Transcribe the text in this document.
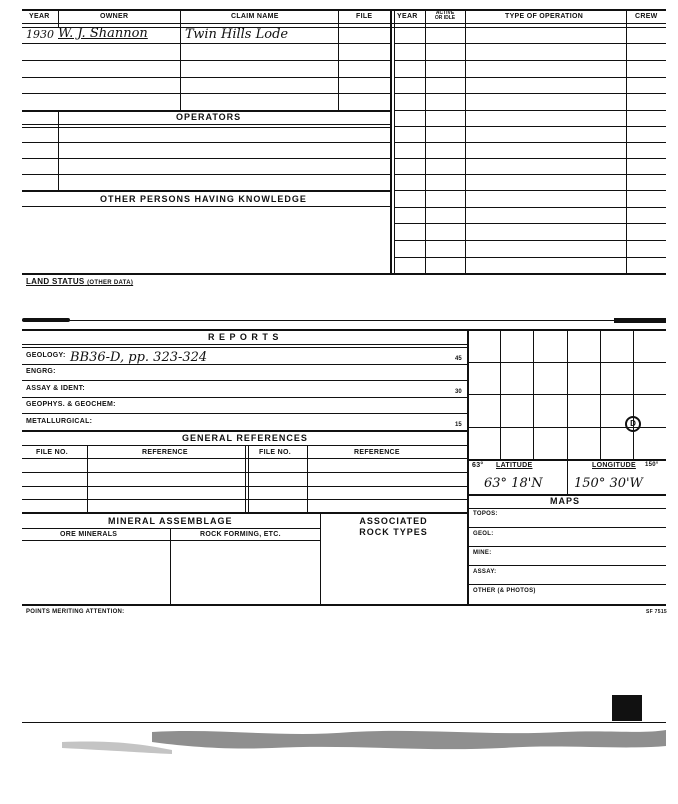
YEAR	OWNER	CLAIM NAME	FILE	YEAR	ACTIVE
OR IDLE	TYPE OF OPERATION	CREW
1930 W. J. Shannon	Twin Hills Lode
OPERATORS
OTHER PERSONS HAVING KNOWLEDGE
LAND STATUS (OTHER DATA)
R E P O R T S
GEOLOGY: BB36-D, pp. 323-324
ENGRG:
ASSAY & IDENT:
GEOPHYS. & GEOCHEM:
METALLURGICAL:
45
30
15
GENERAL REFERENCES
FILE NO.	REFERENCE	FILE NO.	REFERENCE
MINERAL ASSEMBLAGE
ORE MINERALS	ROCK FORMING, ETC.
ASSOCIATED
ROCK TYPES
D
63° LATITUDE	LONGITUDE 150°
63° 18'N 150° 30'W
MAPS
TOPOS:
GEOL:
MINE:
ASSAY:
OTHER (& PHOTOS)
POINTS MERITING ATTENTION:	SF 7515
